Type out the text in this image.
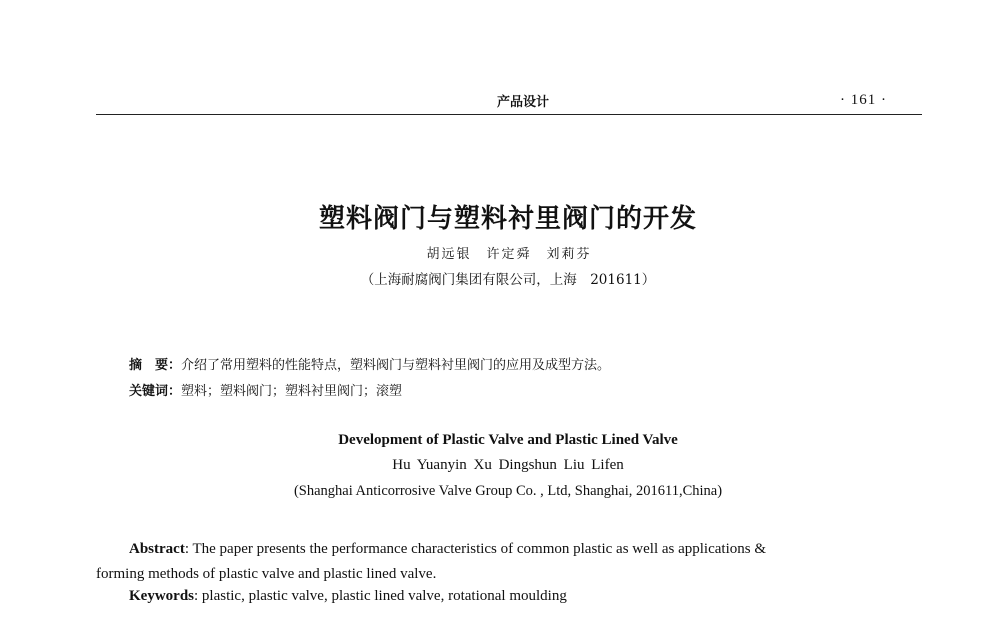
产品设计	· 161 ·
塑料阀门与塑料衬里阀门的开发
胡远银　许定舜　刘莉芬
（上海耐腐阀门集团有限公司，上海　201611）
摘　要：介绍了常用塑料的性能特点，塑料阀门与塑料衬里阀门的应用及成型方法。
关键词：塑料；塑料阀门；塑料衬里阀门；滚塑
Development of Plastic Valve and Plastic Lined Valve
Hu Yuanyin Xu Dingshun Liu Lifen
(Shanghai Anticorrosive Valve Group Co. , Ltd, Shanghai, 201611,China)
Abstract: The paper presents the performance characteristics of common plastic as well as applications &
forming methods of plastic valve and plastic lined valve.
Keywords: plastic, plastic valve, plastic lined valve, rotational moulding
